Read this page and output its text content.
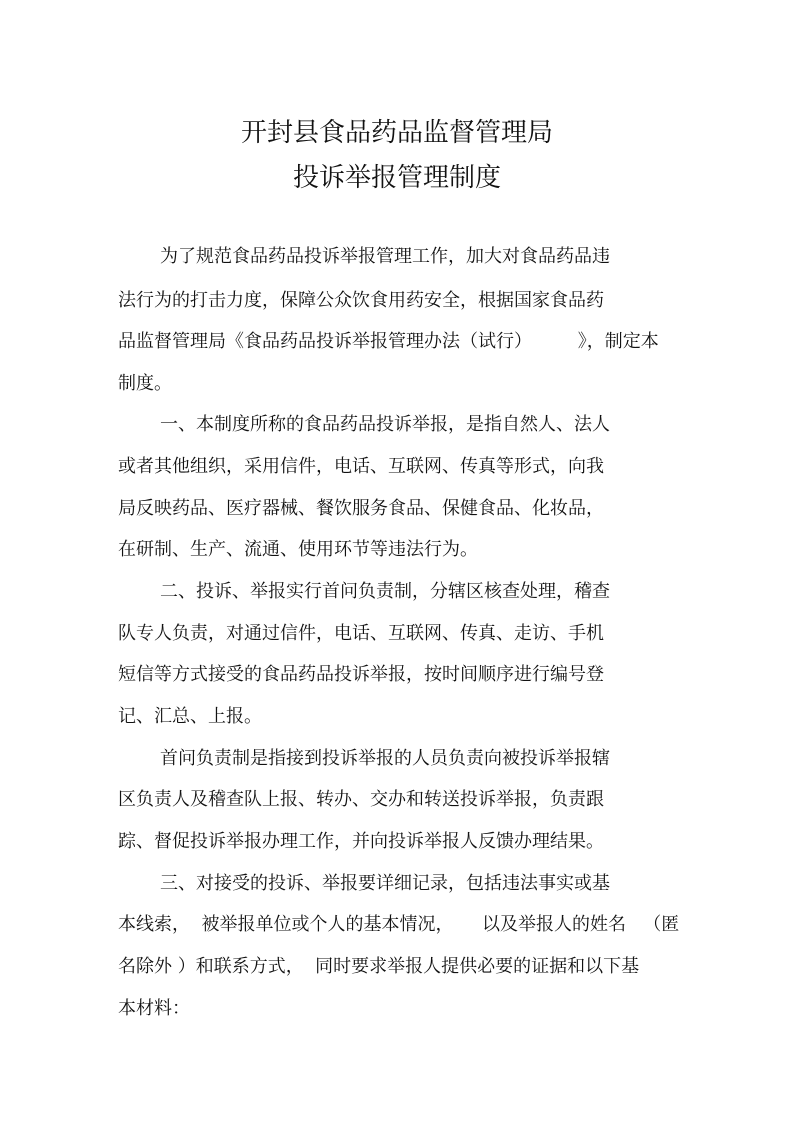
开封县食品药品监督管理局
投诉举报管理制度
为了规范食品药品投诉举报管理工作，加大对食品药品违
法行为的打击力度，保障公众饮食用药安全，根据国家食品药
品监督管理局《食品药品投诉举报管理办法（试行）        》，制定本
制度。
一、本制度所称的食品药品投诉举报，是指自然人、法人
或者其他组织，采用信件，电话、互联网、传真等形式，向我
局反映药品、医疗器械、餐饮服务食品、保健食品、化妆品，
在研制、生产、流通、使用环节等违法行为。
二、投诉、举报实行首问负责制，分辖区核查处理，稽查
队专人负责，对通过信件，电话、互联网、传真、走访、手机
短信等方式接受的食品药品投诉举报，按时间顺序进行编号登
记、汇总、上报。
首问负责制是指接到投诉举报的人员负责向被投诉举报辖
区负责人及稽查队上报、转办、交办和转送投诉举报，负责跟
踪、督促投诉举报办理工作，并向投诉举报人反馈办理结果。
三、对接受的投诉、举报要详细记录，包括违法事实或基
本线索，  被举报单位或个人的基本情况，     以及举报人的姓名   （匿
名除外 ）和联系方式，  同时要求举报人提供必要的证据和以下基
本材料：
